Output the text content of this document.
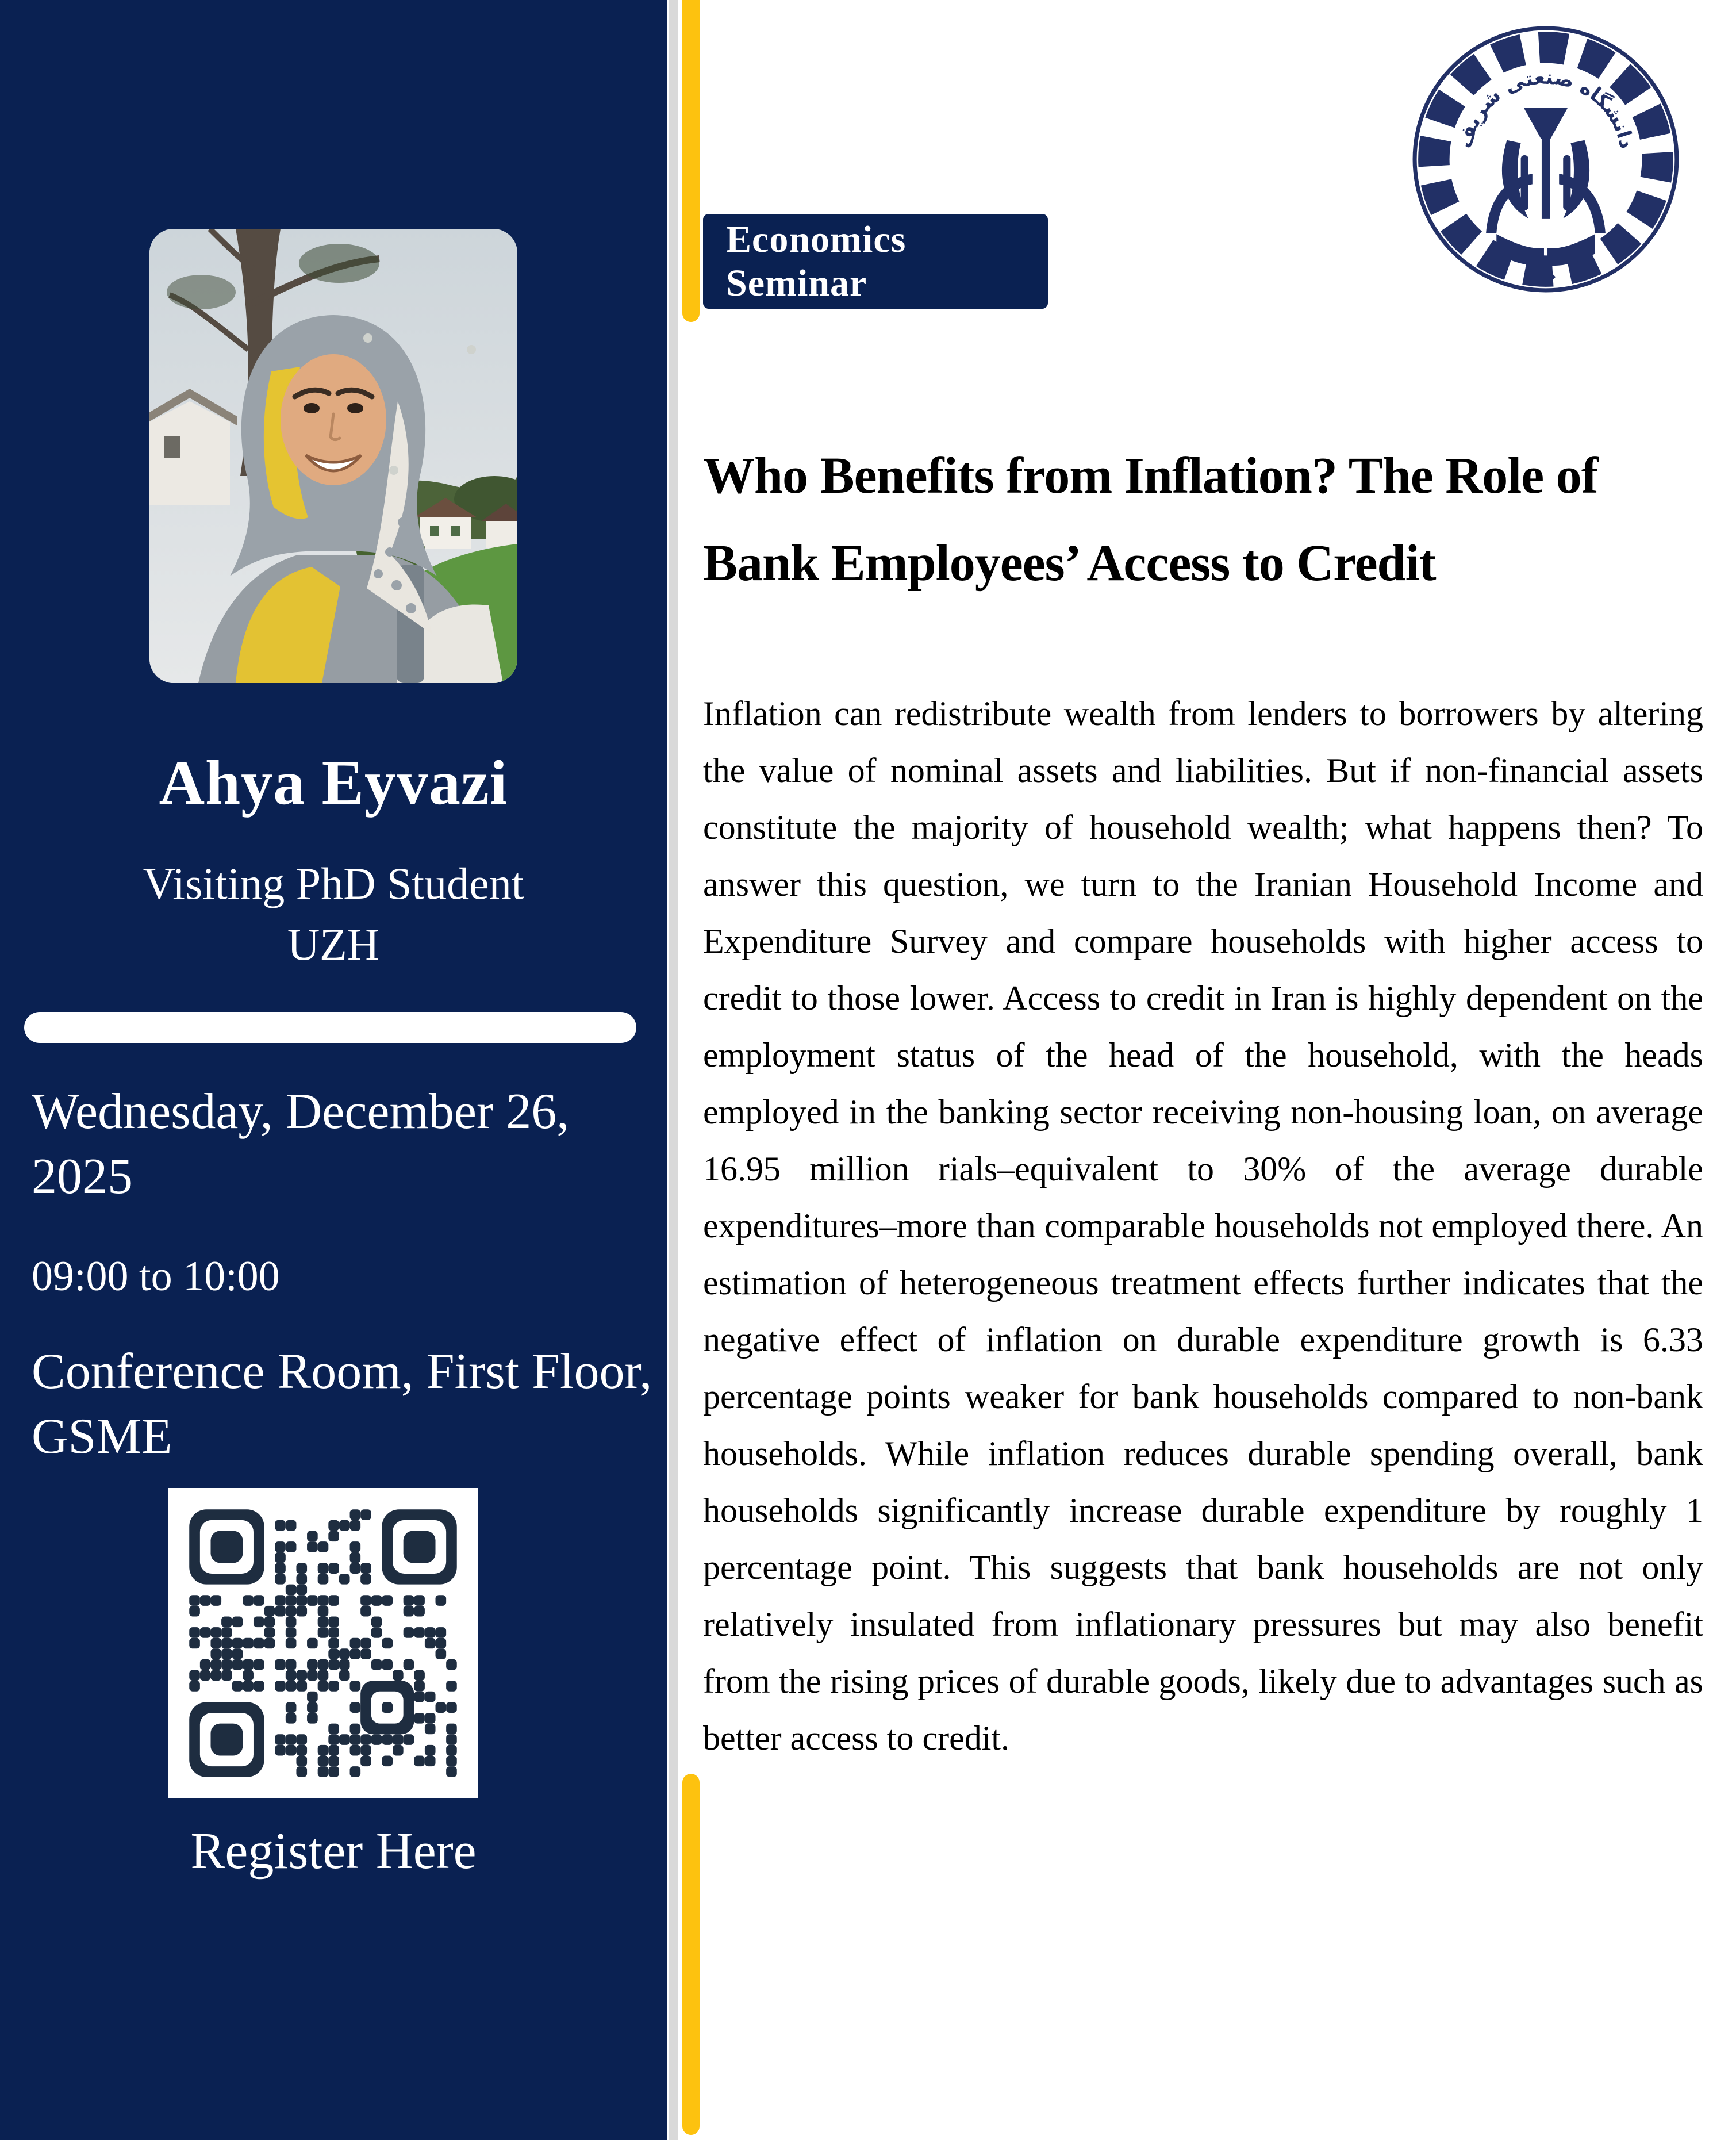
Ahya Eyvazi
Visiting PhD Student
UZH
Wednesday, December 26, 2025
09:00 to 10:00
Conference Room, First Floor, GSME
Register Here
دانشگاه صنعتی شریف
Economics Seminar
Who Benefits from Inflation? The Role of
Bank Employees’ Access to Credit

Inflation can redistribute wealth from lenders to borrowers by altering the value of nominal assets and liabilities. But if non-financial assets constitute the majority of household wealth; what happens then? To answer this question, we turn to the Iranian Household Income and Expenditure Survey and compare households with higher access to credit to those lower. Access to credit in Iran is highly dependent on the employment status of the head of the household, with the heads employed in the banking sector receiving non-housing loan, on average 16.95 million rials–equivalent to 30% of the average durable expenditures–more than comparable households not employed there. An estimation of heterogeneous treatment effects further indicates that the negative effect of inflation on durable expenditure growth is 6.33 percentage points weaker for bank households compared to non-bank households. While inflation reduces durable spending overall, bank households significantly increase durable expenditure by roughly 1 percentage point. This suggests that bank households are not only relatively insulated from inflationary pressures but may also benefit from the rising prices of durable goods, likely due to advantages such as better access to credit.
